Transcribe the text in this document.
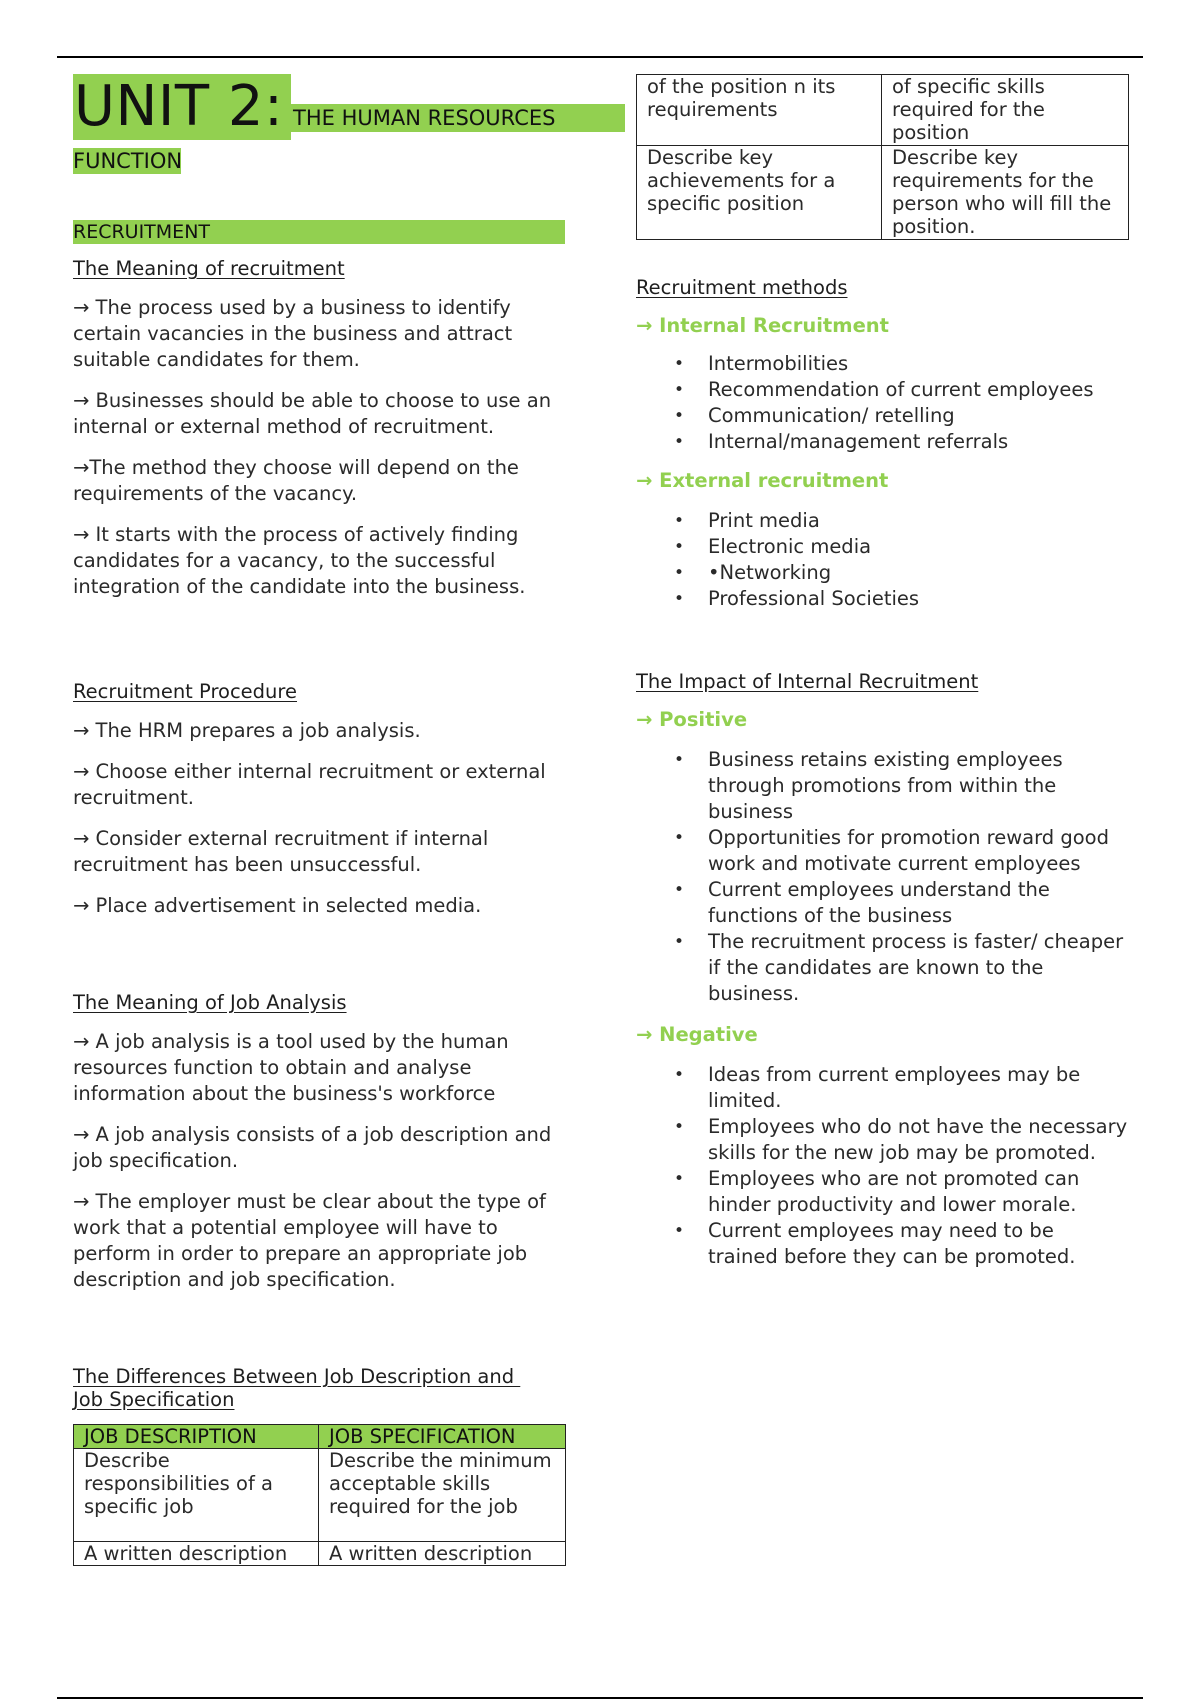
UNIT 2: THE HUMAN RESOURCES
FUNCTION
RECRUITMENT
The Meaning of recruitment

→ The process used by a business to identify certain vacancies in the business and attract suitable candidates for them.

→ Businesses should be able to choose to use an internal or external method of recruitment.

→The method they choose will depend on the requirements of the vacancy.

→ It starts with the process of actively finding candidates for a vacancy, to the successful integration of the candidate into the business.

Recruitment Procedure

→ The HRM prepares a job analysis.

→ Choose either internal recruitment or external recruitment.

→ Consider external recruitment if internal recruitment has been unsuccessful.

→ Place advertisement in selected media.

The Meaning of Job Analysis

→ A job analysis is a tool used by the human resources function to obtain and analyse information about the business's workforce

→ A job analysis consists of a job description and job specification.

→ The employer must be clear about the type of work that a potential employee will have to perform in order to prepare an appropriate job description and job specification.

The Differences Between Job Description and
Job Specification
JOB DESCRIPTION	JOB SPECIFICATION
Describe responsibilities of a specific job	Describe the minimum acceptable skills required for the job
A written description	A written description
of the position n its requirements	of specific skills required for the position
Describe key achievements for a specific position	Describe key requirements for the person who will fill the position.
Recruitment methods
→ Internal Recruitment
• Intermobilities
• Recommendation of current employees
• Communication/ retelling
• Internal/management referrals
→ External recruitment
• Print media
• Electronic media
• •Networking
• Professional Societies
The Impact of Internal Recruitment
→ Positive
• Business retains existing employees through promotions from within the business
• Opportunities for promotion reward good work and motivate current employees
• Current employees understand the functions of the business
• The recruitment process is faster/ cheaper if the candidates are known to the business.
→ Negative
• Ideas from current employees may be limited.
• Employees who do not have the necessary skills for the new job may be promoted.
• Employees who are not promoted can hinder productivity and lower morale.
• Current employees may need to be trained before they can be promoted.
